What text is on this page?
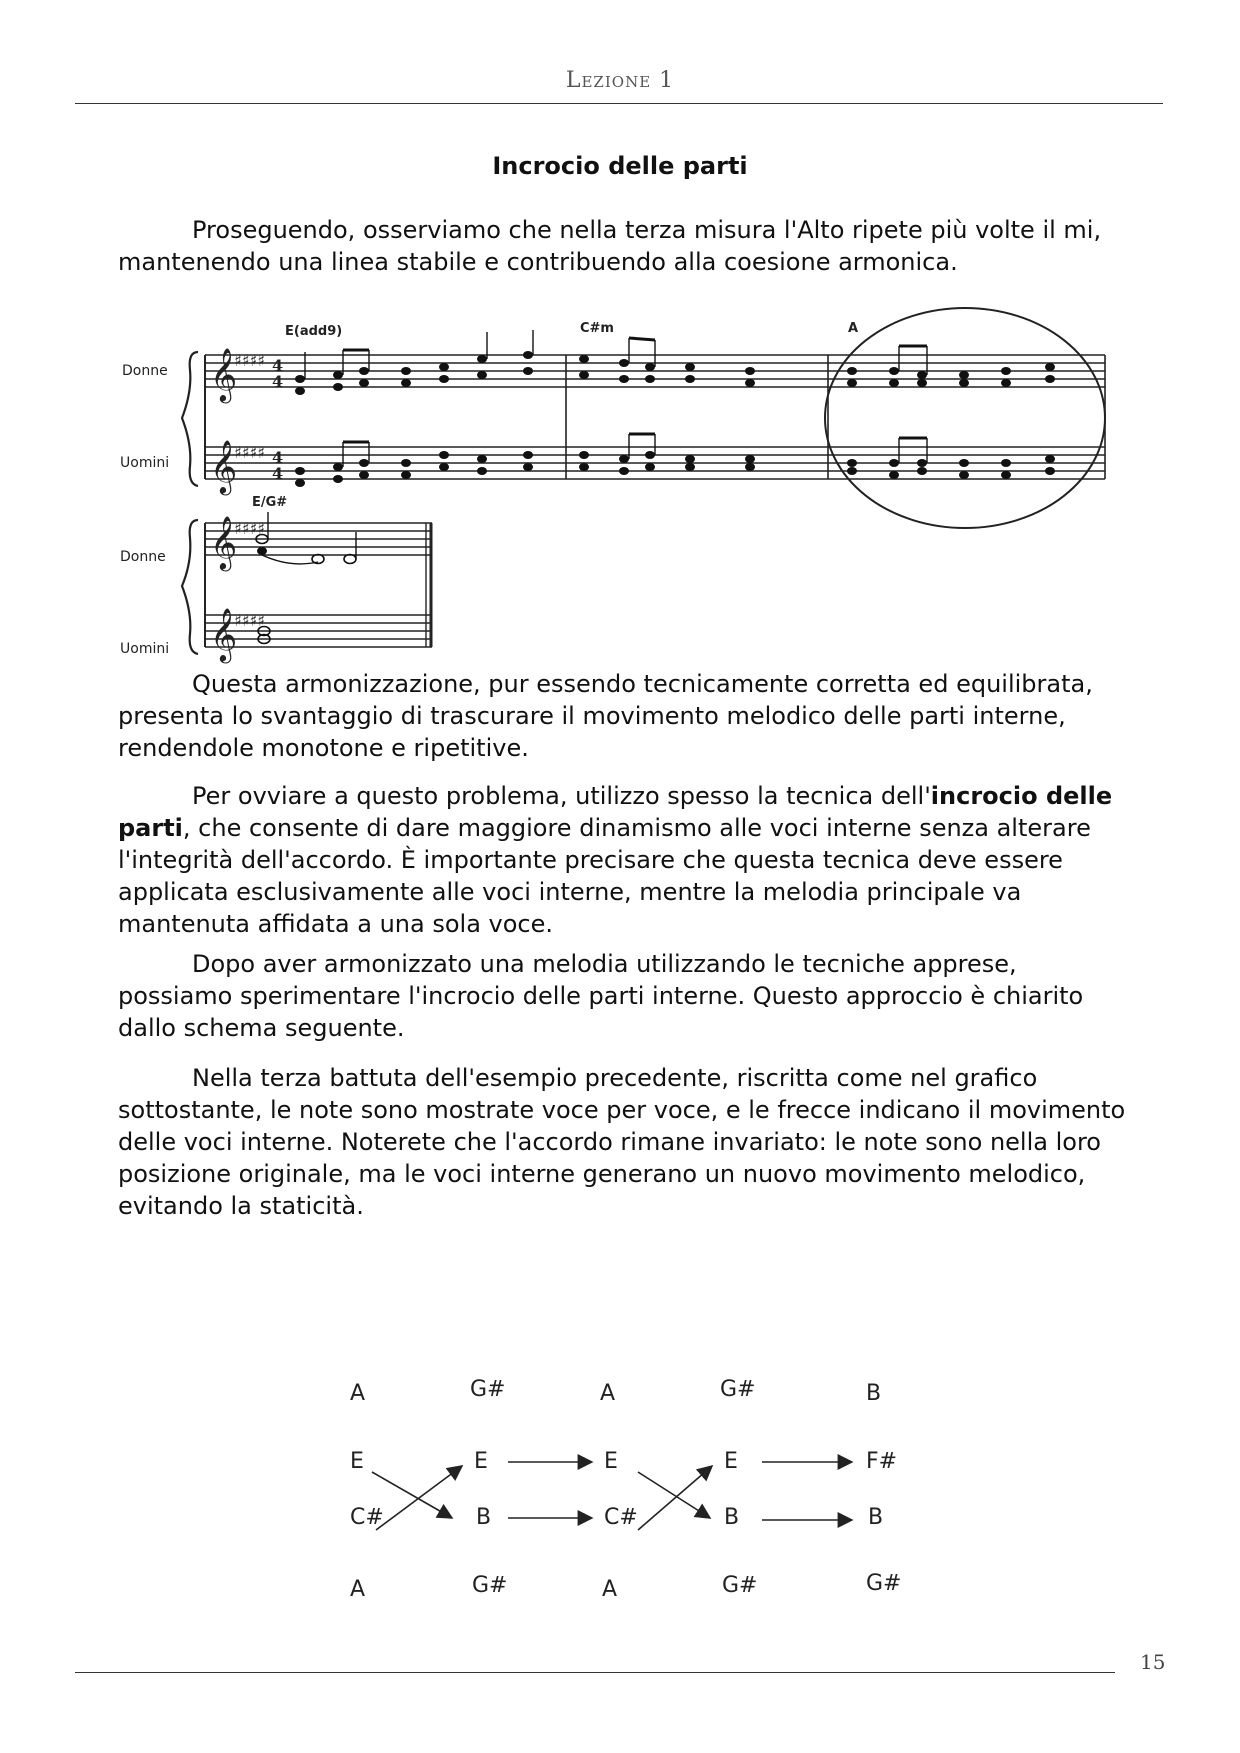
Lezione 1
Incrocio delle parti

Proseguendo, osserviamo che nella terza misura l'Alto ripete più volte il mi, mantenendo una linea stabile e contribuendo alla coesione armonica.

𝄞
𝄞
♯♯♯♯
♯♯♯♯
4
4
4
4
Donne
Uomini
E(add9)	C#m	A
𝄞
𝄞
♯♯♯♯
♯♯♯♯
Donne
Uomini
E/G#

Questa armonizzazione, pur essendo tecnicamente corretta ed equilibrata, presenta lo svantaggio di trascurare il movimento melodico delle parti interne, rendendole monotone e ripetitive.

Per ovviare a questo problema, utilizzo spesso la tecnica dell'incrocio delle parti, che consente di dare maggiore dinamismo alle voci interne senza alterare l'integrità dell'accordo. È importante precisare che questa tecnica deve essere applicata esclusivamente alle voci interne, mentre la melodia principale va mantenuta affidata a una sola voce.

Dopo aver armonizzato una melodia utilizzando le tecniche apprese, possiamo sperimentare l'incrocio delle parti interne. Questo approccio è chiarito dallo schema seguente.

Nella terza battuta dell'esempio precedente, riscritta come nel grafico sottostante, le note sono mostrate voce per voce, e le frecce indicano il movimento delle voci interne. Noterete che l'accordo rimane invariato: le note sono nella loro posizione originale, ma le voci interne generano un nuovo movimento melodico, evitando la staticità.

A	G#	A	G#	B
E	E	E	E	F#
C#	B	C#	B	B
A	G#	A	G#	G#
15
